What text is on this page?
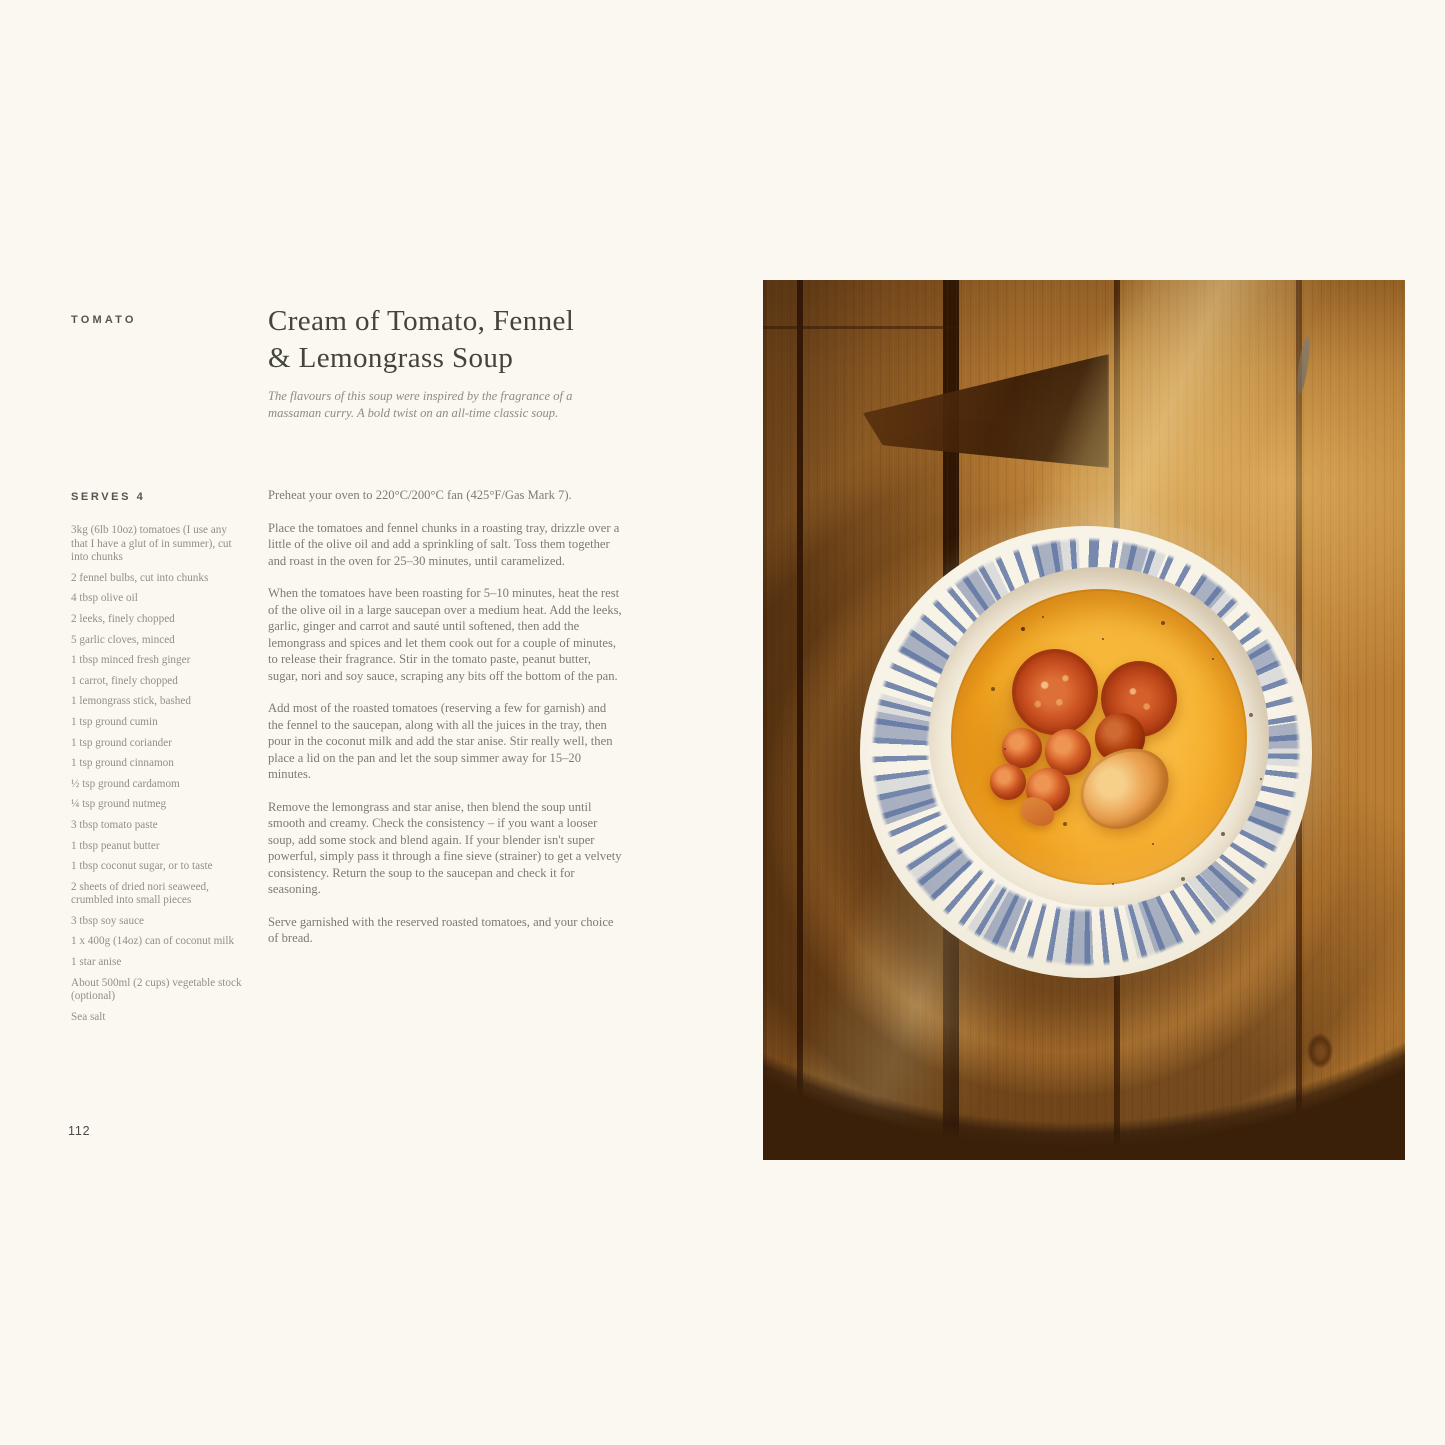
TOMATO	Cream of Tomato, Fennel
& Lemongrass Soup
The flavours of this soup were inspired by the fragrance of a massaman curry. A bold twist on an all-time classic soup.
SERVES 4
3kg (6lb 10oz) tomatoes (I use any that I have a glut of in summer), cut into chunks
2 fennel bulbs, cut into chunks
4 tbsp olive oil
2 leeks, finely chopped
5 garlic cloves, minced
1 tbsp minced fresh ginger
1 carrot, finely chopped
1 lemongrass stick, bashed
1 tsp ground cumin
1 tsp ground coriander
1 tsp ground cinnamon
½ tsp ground cardamom
¼ tsp ground nutmeg
3 tbsp tomato paste
1 tbsp peanut butter
1 tbsp coconut sugar, or to taste
2 sheets of dried nori seaweed, crumbled into small pieces
3 tbsp soy sauce
1 x 400g (14oz) can of coconut milk
1 star anise
About 500ml (2 cups) vegetable stock (optional)
Sea salt
Preheat your oven to 220°C/200°C fan (425°F/Gas Mark 7).
Place the tomatoes and fennel chunks in a roasting tray, drizzle over a little of the olive oil and add a sprinkling of salt. Toss them together and roast in the oven for 25–30 minutes, until caramelized.
When the tomatoes have been roasting for 5–10 minutes, heat the rest of the olive oil in a large saucepan over a medium heat. Add the leeks, garlic, ginger and carrot and sauté until softened, then add the lemongrass and spices and let them cook out for a couple of minutes, to release their fragrance. Stir in the tomato paste, peanut butter, sugar, nori and soy sauce, scraping any bits off the bottom of the pan.
Add most of the roasted tomatoes (reserving a few for garnish) and the fennel to the saucepan, along with all the juices in the tray, then pour in the coconut milk and add the star anise. Stir really well, then place a lid on the pan and let the soup simmer away for 15–20 minutes.
Remove the lemongrass and star anise, then blend the soup until smooth and creamy. Check the consistency – if you want a looser soup, add some stock and blend again. If your blender isn't super powerful, simply pass it through a fine sieve (strainer) to get a velvety consistency. Return the soup to the saucepan and check it for seasoning.
Serve garnished with the reserved roasted tomatoes, and your choice of bread.
112
